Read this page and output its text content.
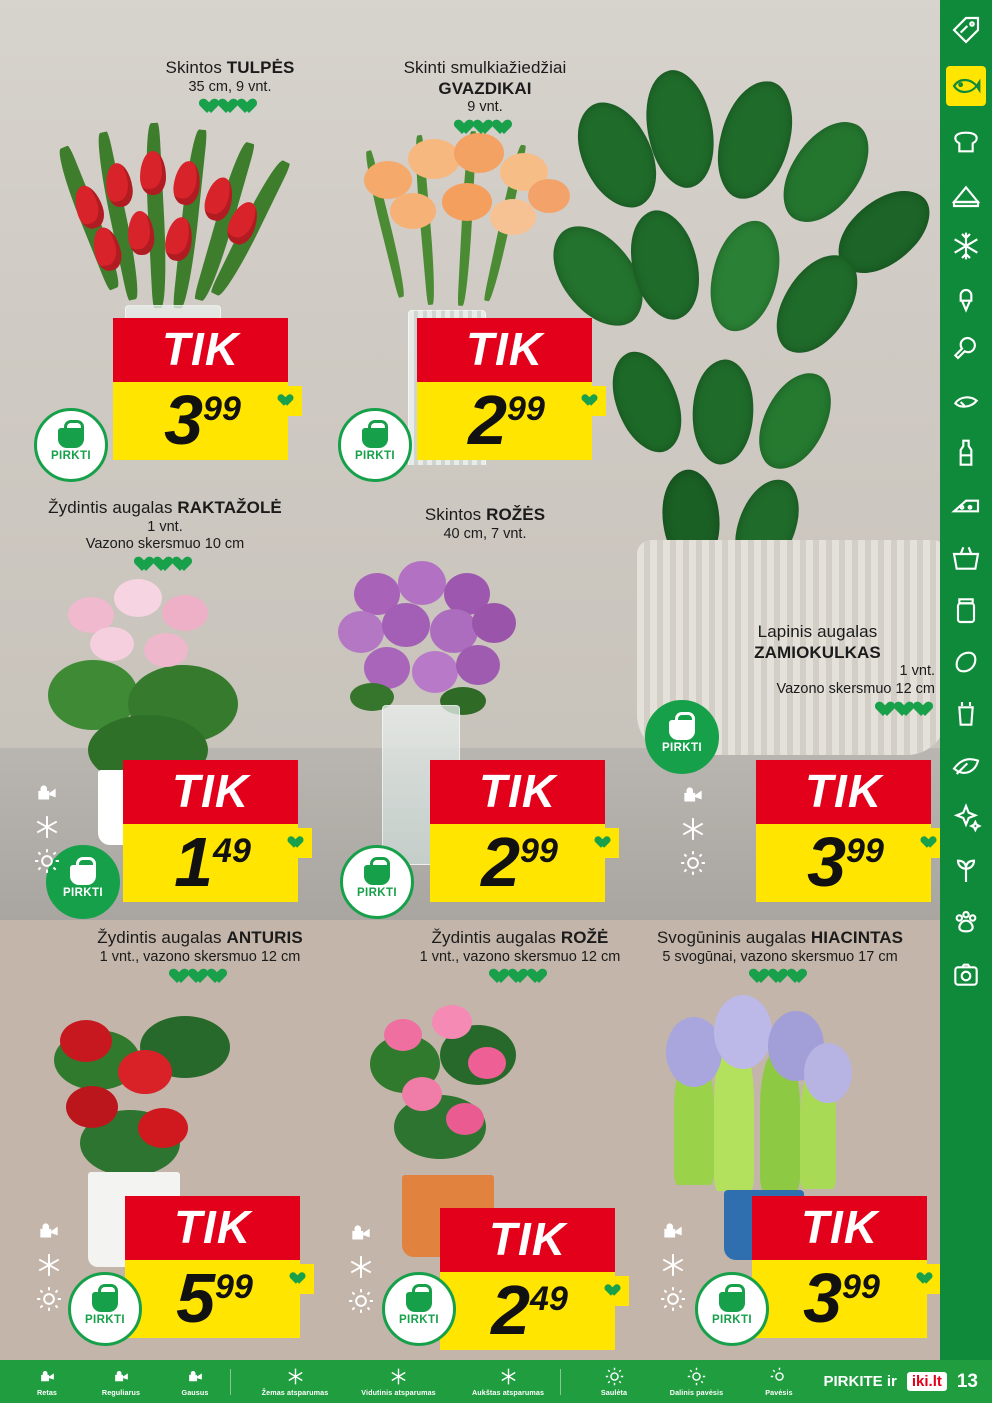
Skintos TULPĖS
35 cm, 9 vnt.
TIK
3 99
PIRKTI
Skinti smulkiažiedžiai
GVAZDIKAI
9 vnt.
TIK
2 99
PIRKTI
Žydintis augalas RAKTAŽOLĖ
1 vnt.
Vazono skersmuo 10 cm
TIK
1 49
PIRKTI
Skintos ROŽĖS
40 cm, 7 vnt.
TIK
2 99
PIRKTI
Lapinis augalas
ZAMIOKULKAS
1 vnt.
Vazono skersmuo 12 cm
TIK
3 99
PIRKTI
Žydintis augalas ANTURIS
1 vnt., vazono skersmuo 12 cm
TIK
5 99
PIRKTI
Žydintis augalas ROŽĖ
1 vnt., vazono skersmuo 12 cm
TIK
2 49
PIRKTI
Svogūninis augalas HIACINTAS
5 svogūnai, vazono skersmuo 17 cm
TIK
3 99
PIRKTI
Retas	Reguliarus	Gausus	Žemas atsparumas	Vidutinis atsparumas	Aukštas atsparumas	Saulėta	Dalinis pavėsis	Pavėsis
PIRKITE ir	iki.lt 13
